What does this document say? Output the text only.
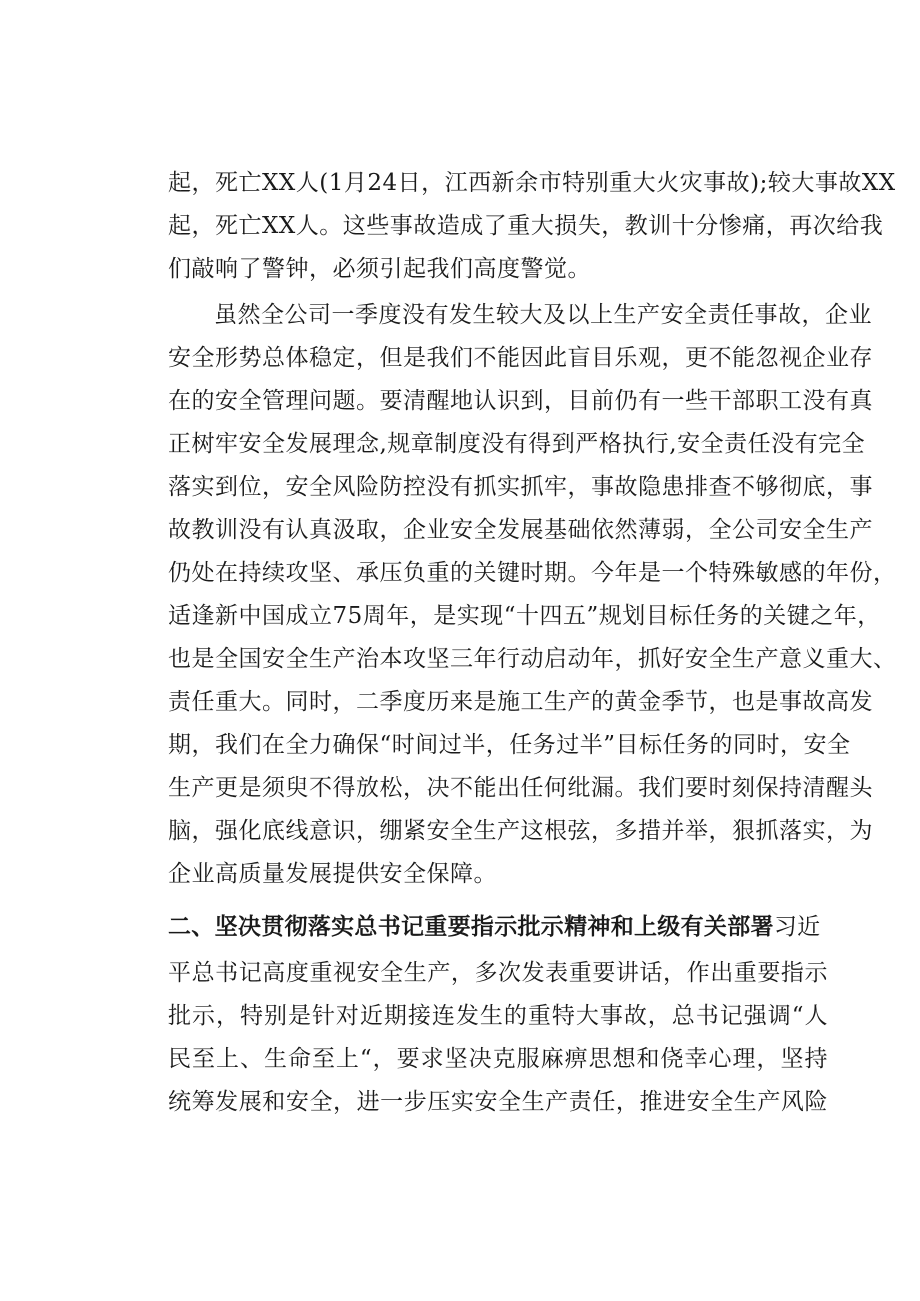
起，死亡XX人(1月24日，江西新余市特别重大火灾事故);较大事故XX
起，死亡XX人。这些事故造成了重大损失，教训十分惨痛，再次给我
们敲响了警钟，必须引起我们高度警觉。
虽然全公司一季度没有发生较大及以上生产安全责任事故，企业
安全形势总体稳定，但是我们不能因此盲目乐观，更不能忽视企业存
在的安全管理问题。要清醒地认识到，目前仍有一些干部职工没有真
正树牢安全发展理念,规章制度没有得到严格执行,安全责任没有完全
落实到位，安全风险防控没有抓实抓牢，事故隐患排查不够彻底，事
故教训没有认真汲取，企业安全发展基础依然薄弱，全公司安全生产
仍处在持续攻坚、承压负重的关键时期。今年是一个特殊敏感的年份，
适逢新中国成立75周年，是实现“十四五”规划目标任务的关键之年，
也是全国安全生产治本攻坚三年行动启动年，抓好安全生产意义重大、
责任重大。同时，二季度历来是施工生产的黄金季节，也是事故高发
期，我们在全力确保“时间过半，任务过半”目标任务的同时，安全
生产更是须臾不得放松，决不能出任何纰漏。我们要时刻保持清醒头
脑，强化底线意识，绷紧安全生产这根弦，多措并举，狠抓落实，为
企业高质量发展提供安全保障。
二、坚决贯彻落实总书记重要指示批示精神和上级有关部署习近
平总书记高度重视安全生产，多次发表重要讲话，作出重要指示
批示，特别是针对近期接连发生的重特大事故，总书记强调“人
民至上、生命至上“，要求坚决克服麻痹思想和侥幸心理，坚持
统筹发展和安全，进一步压实安全生产责任，推进安全生产风险
